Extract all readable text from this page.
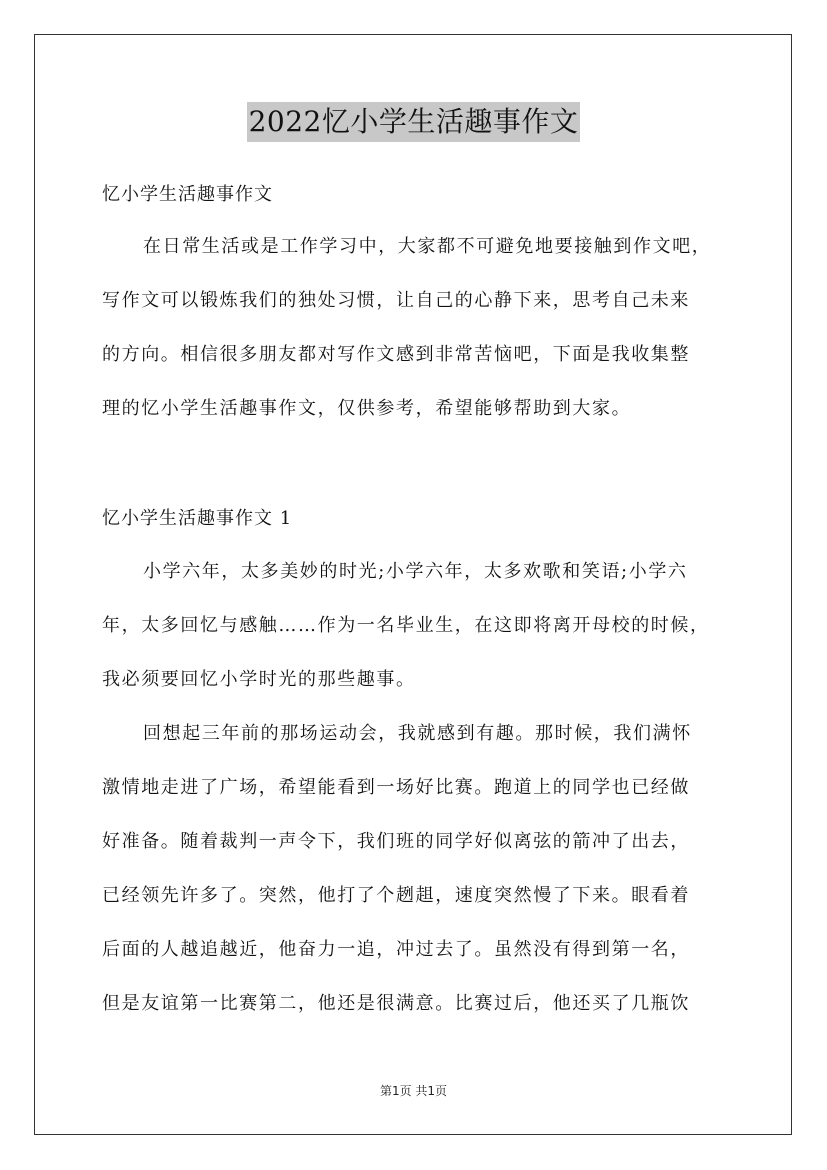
2022忆小学生活趣事作文
忆小学生活趣事作文
在日常生活或是工作学习中，大家都不可避免地要接触到作文吧，
写作文可以锻炼我们的独处习惯，让自己的心静下来，思考自己未来
的方向。相信很多朋友都对写作文感到非常苦恼吧，下面是我收集整
理的忆小学生活趣事作文，仅供参考，希望能够帮助到大家。
忆小学生活趣事作文 1
小学六年，太多美妙的时光;小学六年，太多欢歌和笑语;小学六
年，太多回忆与感触……作为一名毕业生，在这即将离开母校的时候，
我必须要回忆小学时光的那些趣事。
回想起三年前的那场运动会，我就感到有趣。那时候，我们满怀
激情地走进了广场，希望能看到一场好比赛。跑道上的同学也已经做
好准备。随着裁判一声令下，我们班的同学好似离弦的箭冲了出去，
已经领先许多了。突然，他打了个趔趄，速度突然慢了下来。眼看着
后面的人越追越近，他奋力一追，冲过去了。虽然没有得到第一名，
但是友谊第一比赛第二，他还是很满意。比赛过后，他还买了几瓶饮
第1页 共1页
